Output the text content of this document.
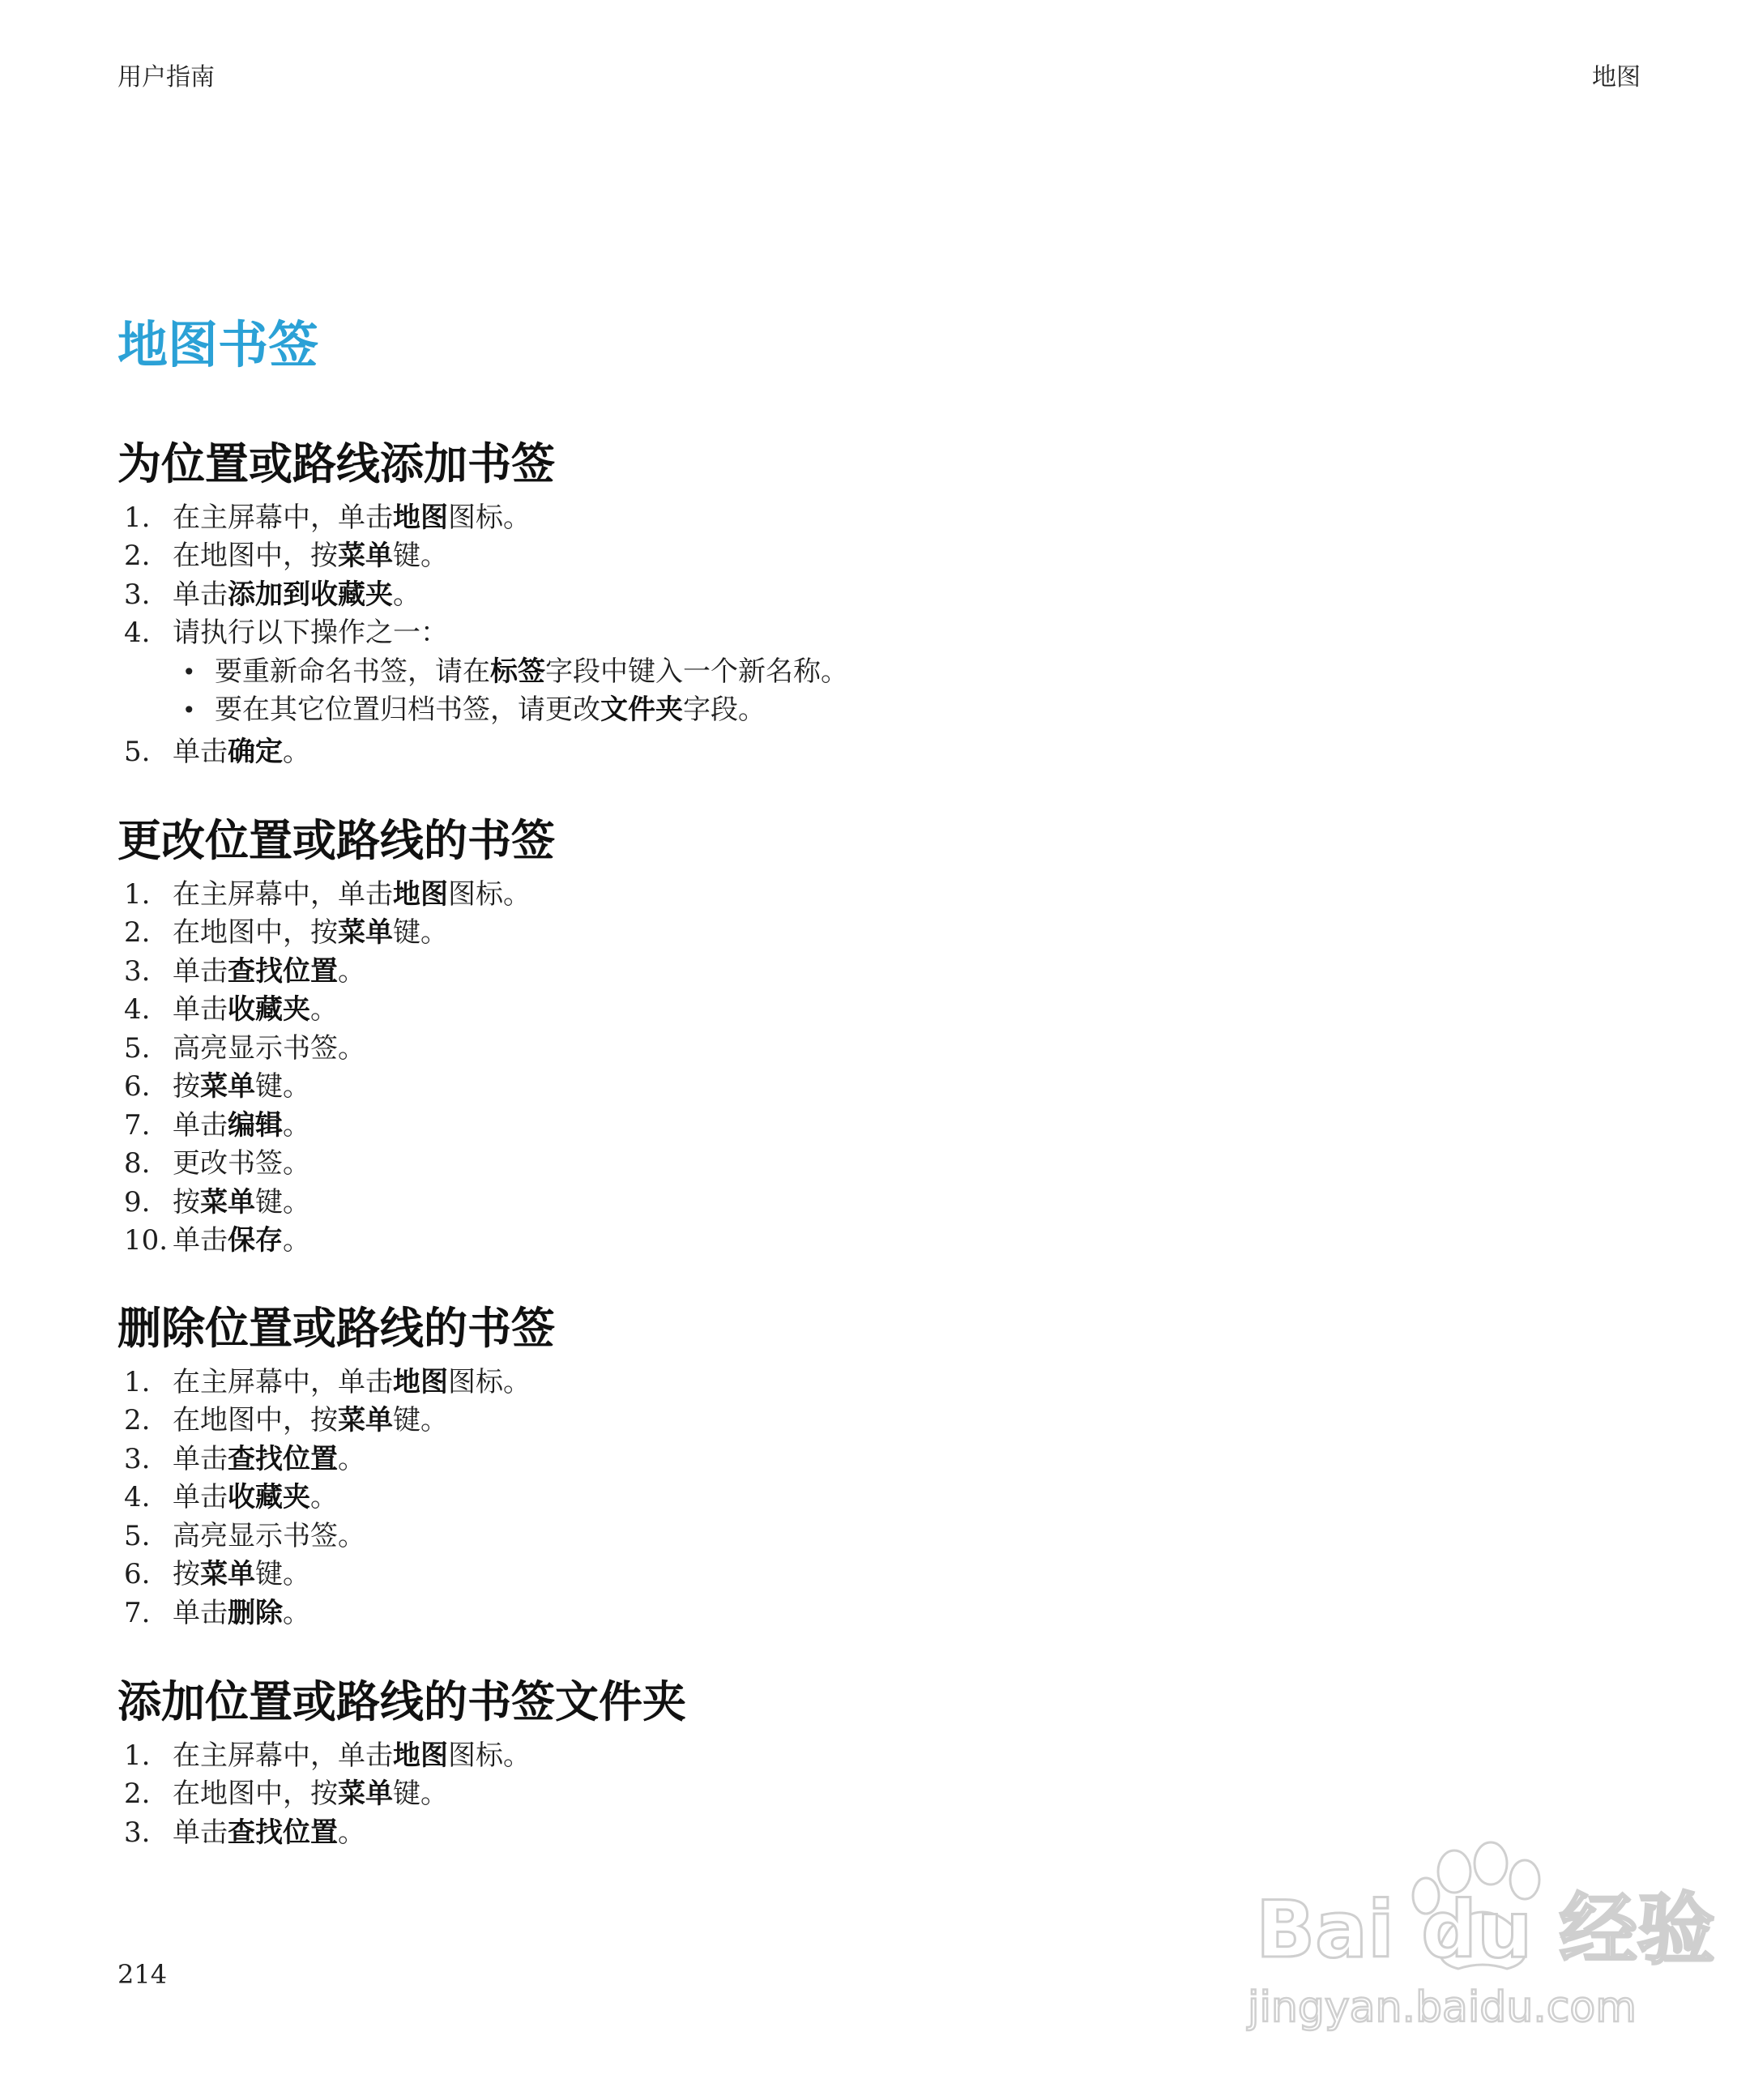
用户指南	地图
地图书签
为位置或路线添加书签
1. 在主屏幕中，单击地图图标。
2. 在地图中，按菜单键。
3. 单击添加到收藏夹。
4. 请执行以下操作之一：
• 要重新命名书签，请在标签字段中键入一个新名称。
• 要在其它位置归档书签，请更改文件夹字段。
5. 单击确定。
更改位置或路线的书签
1. 在主屏幕中，单击地图图标。
2. 在地图中，按菜单键。
3. 单击查找位置。
4. 单击收藏夹。
5. 高亮显示书签。
6. 按菜单键。
7. 单击编辑。
8. 更改书签。
9. 按菜单键。
10. 单击保存。
删除位置或路线的书签
1. 在主屏幕中，单击地图图标。
2. 在地图中，按菜单键。
3. 单击查找位置。
4. 单击收藏夹。
5. 高亮显示书签。
6. 按菜单键。
7. 单击删除。
添加位置或路线的书签文件夹
1. 在主屏幕中，单击地图图标。
2. 在地图中，按菜单键。
3. 单击查找位置。
214	Bai du 经验
jingyan.baidu.com
